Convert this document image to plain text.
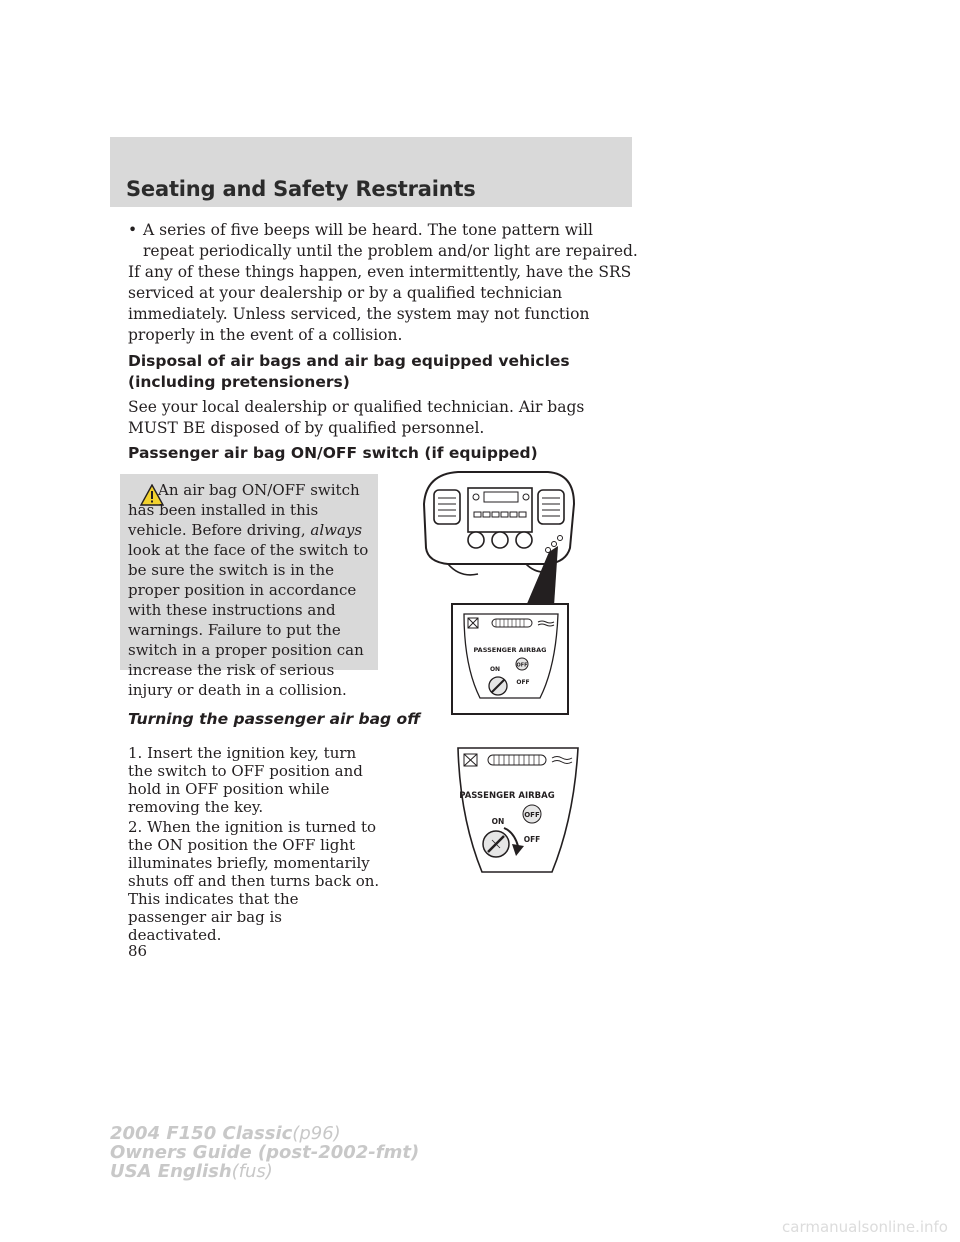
Seating and Safety Restraints
• A series of five beeps will be heard. The tone pattern will repeat periodically until the problem and/or light are repaired.

If any of these things happen, even intermittently, have the SRS serviced at your dealership or by a qualified technician immediately. Unless serviced, the system may not function properly in the event of a collision.

Disposal of air bags and air bag equipped vehicles (including pretensioners)

See your local dealership or qualified technician. Air bags MUST BE disposed of by qualified personnel.

Passenger air bag ON/OFF switch (if equipped)

An air bag ON/OFF switch has been installed in this vehicle. Before driving, always look at the face of the switch to be sure the switch is in the proper position in accordance with these instructions and warnings. Failure to put the switch in a proper position can increase the risk of serious injury or death in a collision.

PASSENGER AIRBAG
OFF
ON
OFF
Turning the passenger air bag off

1. Insert the ignition key, turn the switch to OFF position and hold in OFF position while removing the key.

2. When the ignition is turned to the ON position the OFF light illuminates briefly, momentarily shuts off and then turns back on. This indicates that the passenger air bag is deactivated.

PASSENGER AIRBAG
OFF
ON
OFF

86

2004 F150 Classic(p96)
Owners Guide (post-2002-fmt)
USA English(fus)

carmanualsonline.info
